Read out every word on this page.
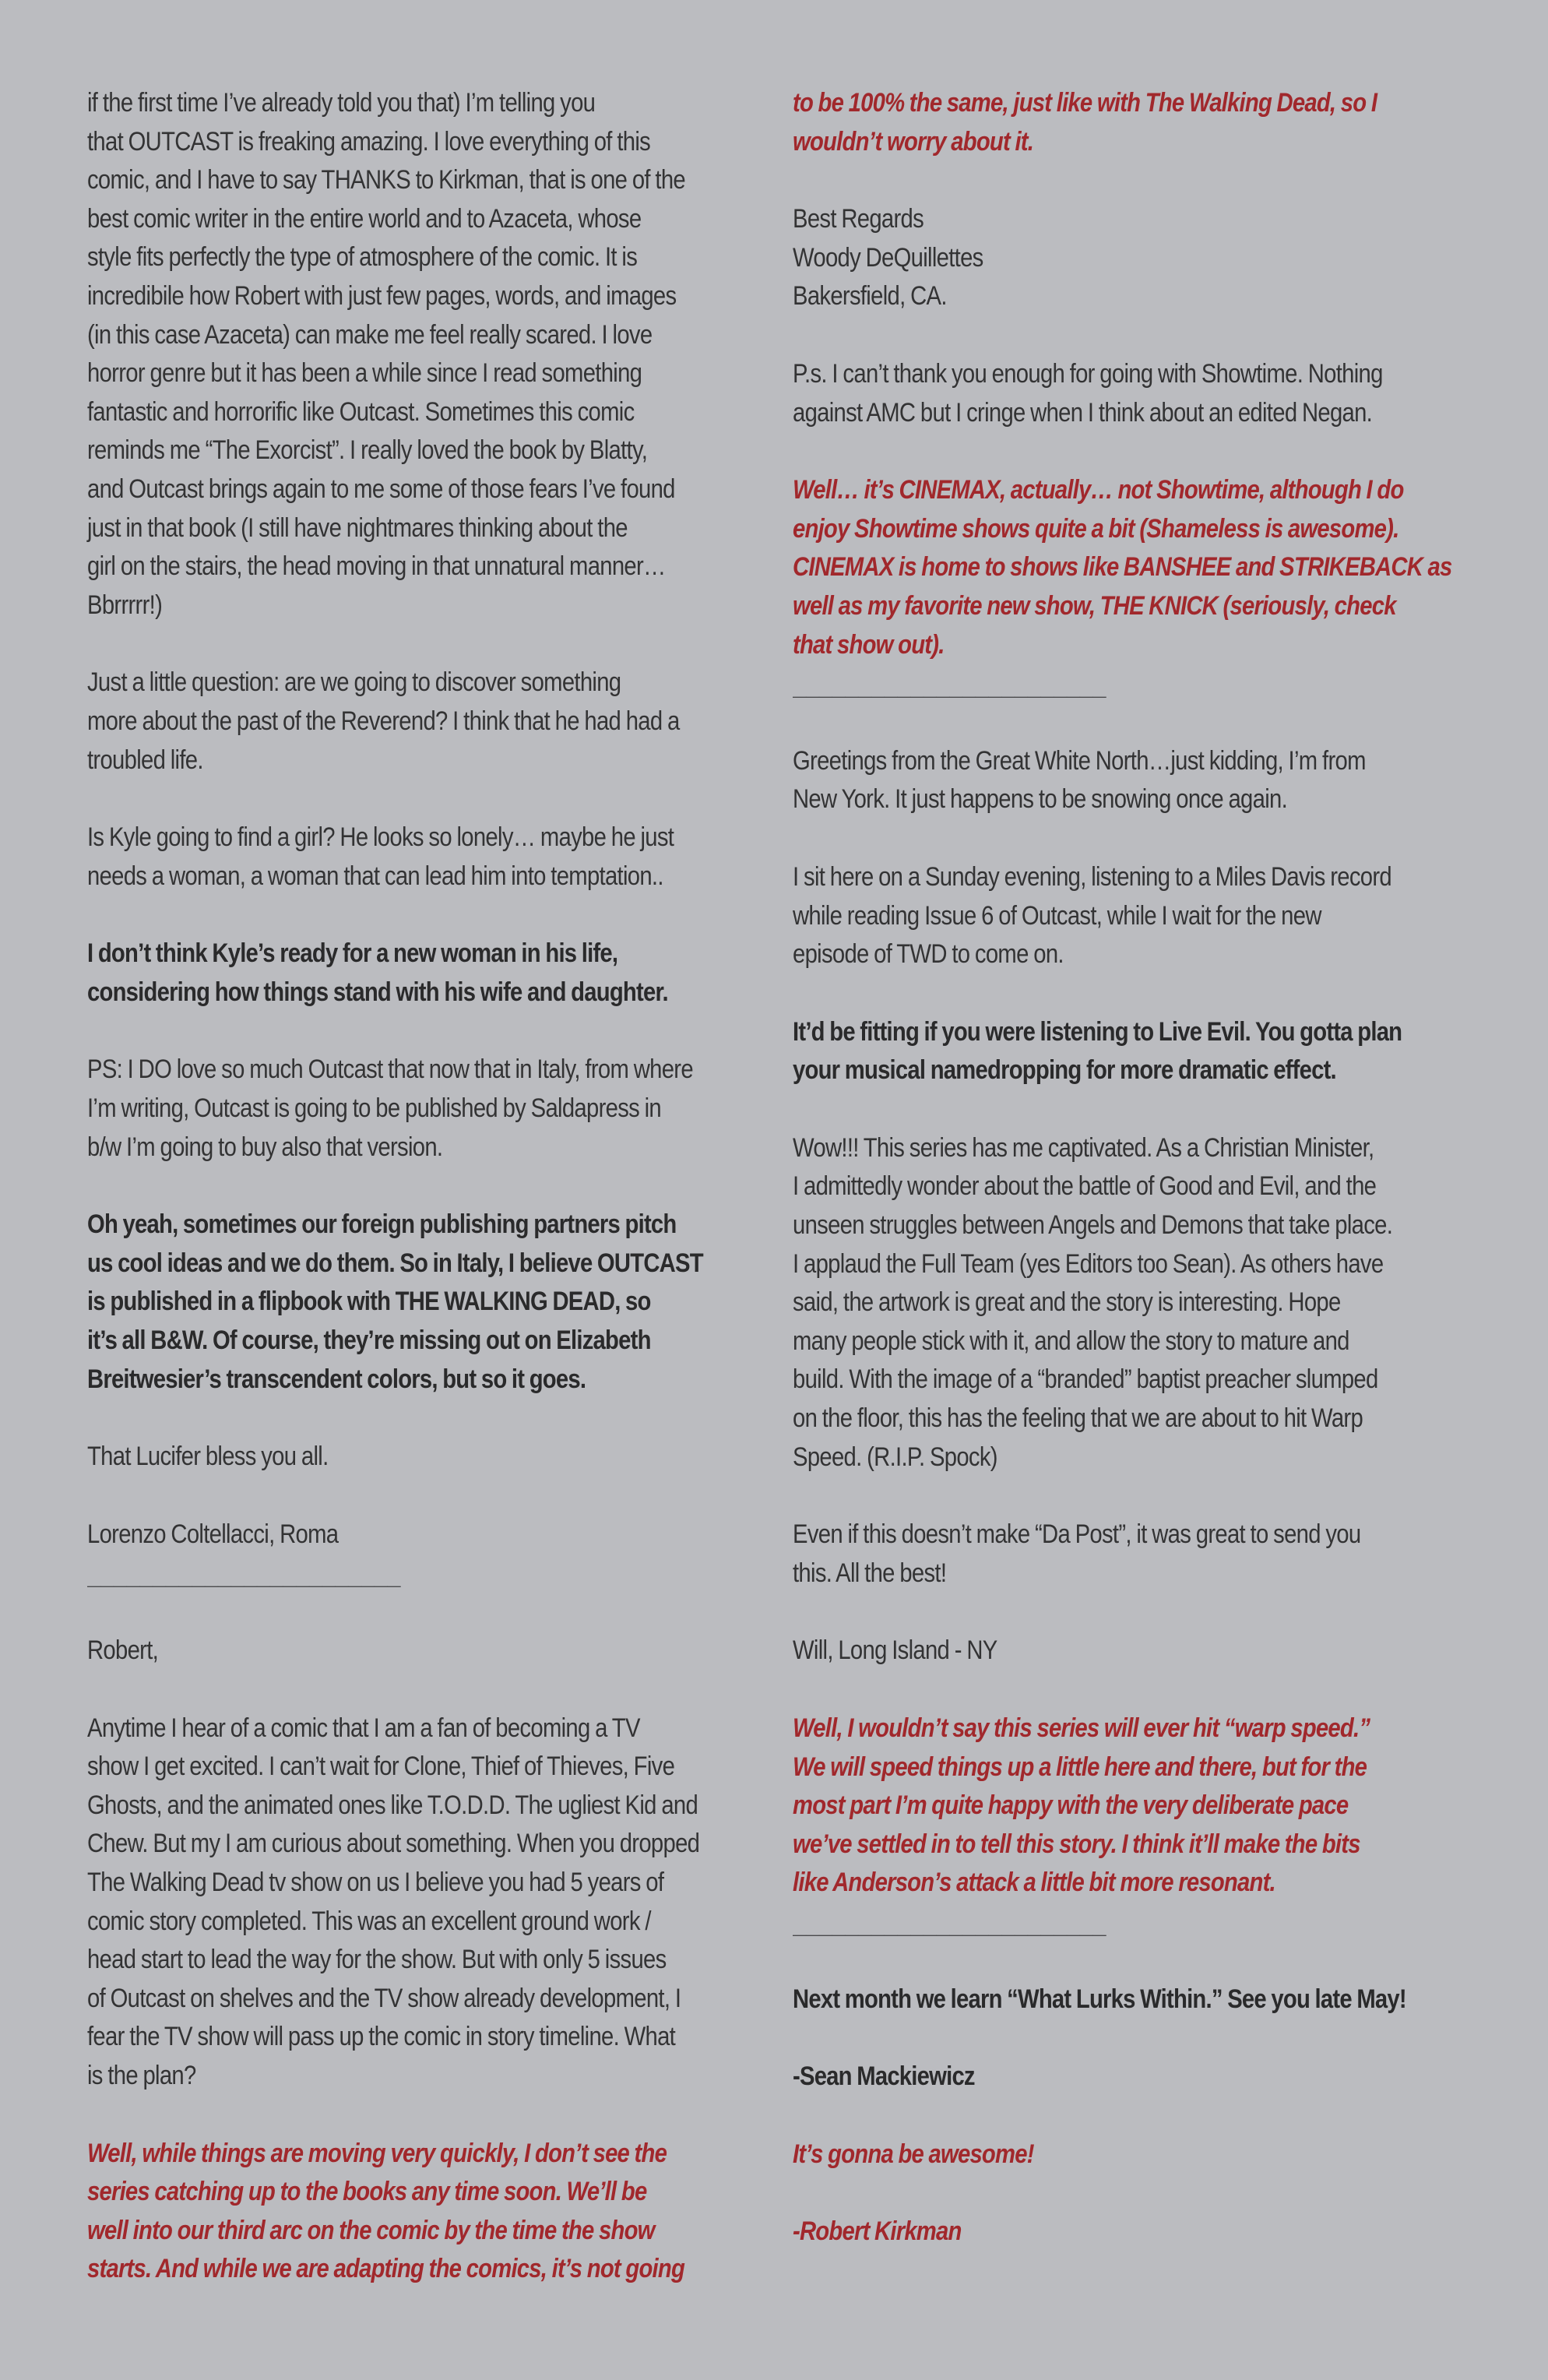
if the first time I’ve already told you that) I’m telling you
that OUTCAST is freaking amazing. I love everything of this
comic, and I have to say THANKS to Kirkman, that is one of the
best comic writer in the entire world and to Azaceta, whose
style fits perfectly the type of atmosphere of the comic. It is
incredibile how Robert with just few pages, words, and images
(in this case Azaceta) can make me feel really scared. I love
horror genre but it has been a while since I read something
fantastic and horrorific like Outcast. Sometimes this comic
reminds me “The Exorcist”. I really loved the book by Blatty,
and Outcast brings again to me some of those fears I’ve found
just in that book (I still have nightmares thinking about the
girl on the stairs, the head moving in that unnatural manner…
Bbrrrrr!)
Just a little question: are we going to discover something
more about the past of the Reverend? I think that he had had a
troubled life.
Is Kyle going to find a girl? He looks so lonely… maybe he just
needs a woman, a woman that can lead him into temptation..
I don’t think Kyle’s ready for a new woman in his life,
considering how things stand with his wife and daughter.
PS: I DO love so much Outcast that now that in Italy, from where
I’m writing, Outcast is going to be published by Saldapress in
b/w I’m going to buy also that version.
Oh yeah, sometimes our foreign publishing partners pitch
us cool ideas and we do them. So in Italy, I believe OUTCAST
is published in a flipbook with THE WALKING DEAD, so
it’s all B&W. Of course, they’re missing out on Elizabeth
Breitwesier’s transcendent colors, but so it goes.
That Lucifer bless you all.
Lorenzo Coltellacci, Roma
________________________
Robert,
Anytime I hear of a comic that I am a fan of becoming a TV
show I get excited. I can’t wait for Clone, Thief of Thieves, Five
Ghosts, and the animated ones like T.O.D.D. The ugliest Kid and
Chew. But my I am curious about something. When you dropped
The Walking Dead tv show on us I believe you had 5 years of
comic story completed. This was an excellent ground work /
head start to lead the way for the show. But with only 5 issues
of Outcast on shelves and the TV show already development, I
fear the TV show will pass up the comic in story timeline. What
is the plan?
Well, while things are moving very quickly, I don’t see the
series catching up to the books any time soon. We’ll be
well into our third arc on the comic by the time the show
starts. And while we are adapting the comics, it’s not going
to be 100% the same, just like with The Walking Dead, so I
wouldn’t worry about it.
Best Regards
Woody DeQuillettes
Bakersfield, CA.
P.s. I can’t thank you enough for going with Showtime. Nothing
against AMC but I cringe when I think about an edited Negan.
Well… it’s CINEMAX, actually… not Showtime, although I do
enjoy Showtime shows quite a bit (Shameless is awesome).
CINEMAX is home to shows like BANSHEE and STRIKEBACK as
well as my favorite new show, THE KNICK (seriously, check
that show out).
________________________
Greetings from the Great White North…just kidding, I’m from
New York. It just happens to be snowing once again.
I sit here on a Sunday evening, listening to a Miles Davis record
while reading Issue 6 of Outcast, while I wait for the new
episode of TWD to come on.
It’d be fitting if you were listening to Live Evil. You gotta plan
your musical namedropping for more dramatic effect.
Wow!!! This series has me captivated. As a Christian Minister,
I admittedly wonder about the battle of Good and Evil, and the
unseen struggles between Angels and Demons that take place.
I applaud the Full Team (yes Editors too Sean). As others have
said, the artwork is great and the story is interesting. Hope
many people stick with it, and allow the story to mature and
build. With the image of a “branded” baptist preacher slumped
on the floor, this has the feeling that we are about to hit Warp
Speed. (R.I.P. Spock)
Even if this doesn’t make “Da Post”, it was great to send you
this. All the best!
Will, Long Island - NY
Well, I wouldn’t say this series will ever hit “warp speed.”
We will speed things up a little here and there, but for the
most part I’m quite happy with the very deliberate pace
we’ve settled in to tell this story. I think it’ll make the bits
like Anderson’s attack a little bit more resonant.
________________________
Next month we learn “What Lurks Within.” See you late May!
-Sean Mackiewicz
It’s gonna be awesome!
-Robert Kirkman
